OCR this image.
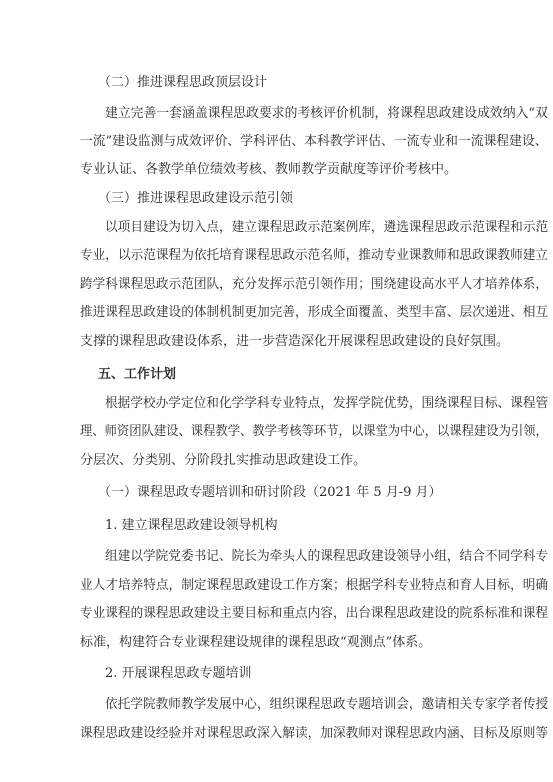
（二）推进课程思政顶层设计
建立完善一套涵盖课程思政要求的考核评价机制，将课程思政建设成效纳入“双
一流”建设监测与成效评价、学科评估、本科教学评估、一流专业和一流课程建设、
专业认证、各教学单位绩效考核、教师教学贡献度等评价考核中。
（三）推进课程思政建设示范引领
以项目建设为切入点，建立课程思政示范案例库，遴选课程思政示范课程和示范
专业，以示范课程为依托培育课程思政示范名师，推动专业课教师和思政课教师建立
跨学科课程思政示范团队，充分发挥示范引领作用；围绕建设高水平人才培养体系，
推进课程思政建设的体制机制更加完善，形成全面覆盖、类型丰富、层次递进、相互
支撑的课程思政建设体系，进一步营造深化开展课程思政建设的良好氛围。
五、工作计划
根据学校办学定位和化学学科专业特点，发挥学院优势，围绕课程目标、课程管
理、师资团队建设、课程教学、教学考核等环节，以课堂为中心，以课程建设为引领，
分层次、分类别、分阶段扎实推动思政建设工作。
（一）课程思政专题培训和研讨阶段（2021 年 5 月-9 月）
1. 建立课程思政建设领导机构
组建以学院党委书记、院长为牵头人的课程思政建设领导小组，结合不同学科专
业人才培养特点，制定课程思政建设工作方案；根据学科专业特点和育人目标，明确
专业课程的课程思政建设主要目标和重点内容，出台课程思政建设的院系标准和课程
标准，构建符合专业课程建设规律的课程思政“观测点”体系。
2. 开展课程思政专题培训
依托学院教师教学发展中心，组织课程思政专题培训会，邀请相关专家学者传授
课程思政建设经验并对课程思政深入解读，加深教师对课程思政内涵、目标及原则等
